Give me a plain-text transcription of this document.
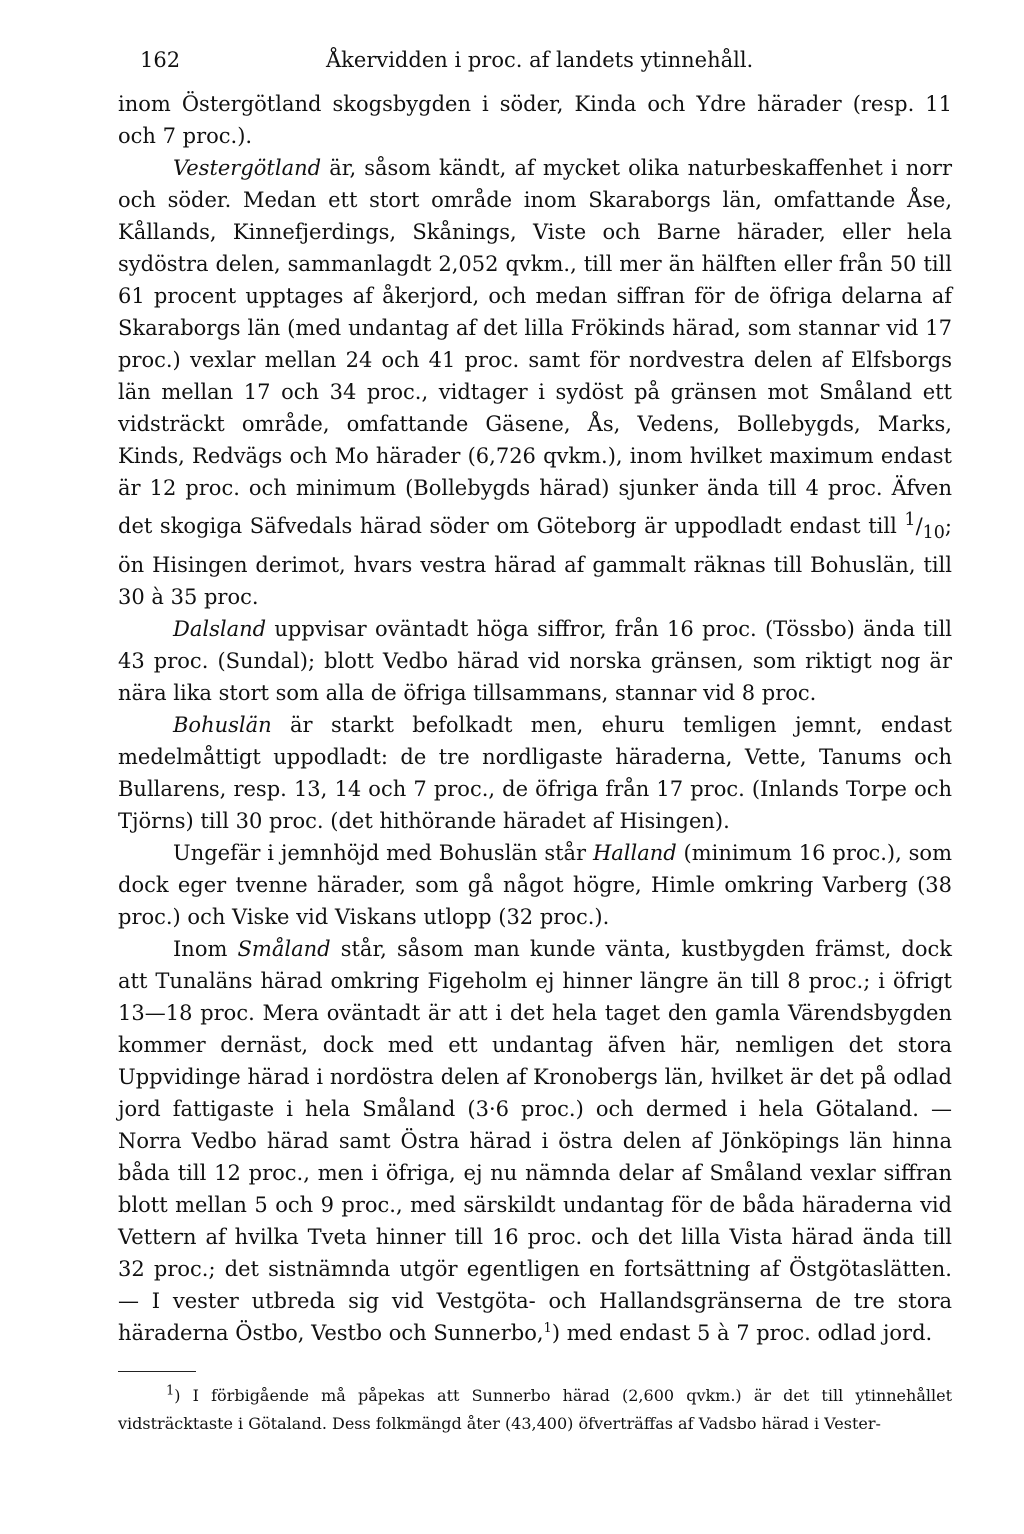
162	Åkervidden i proc. af landets ytinnehåll.

inom Östergötland skogsbygden i söder, Kinda och Ydre härader (resp. 11 och 7 proc.).

Vestergötland är, såsom kändt, af mycket olika naturbeskaffenhet i norr och söder. Medan ett stort område inom Skaraborgs län, omfattande Åse, Kållands, Kinnefjerdings, Skånings, Viste och Barne härader, eller hela sydöstra delen, sammanlagdt 2,052 qvkm., till mer än hälften eller från 50 till 61 procent upptages af åkerjord, och medan siffran för de öfriga delarna af Skaraborgs län (med undantag af det lilla Frökinds härad, som stannar vid 17 proc.) vexlar mellan 24 och 41 proc. samt för nordvestra delen af Elfsborgs län mellan 17 och 34 proc., vidtager i sydöst på gränsen mot Småland ett vidsträckt område, omfattande Gäsene, Ås, Vedens, Bollebygds, Marks, Kinds, Redvägs och Mo härader (6,726 qvkm.), inom hvilket maximum endast är 12 proc. och minimum (Bollebygds härad) sjunker ända till 4 proc. Äfven det skogiga Säfvedals härad söder om Göteborg är uppodladt endast till $^1/_{10}$; ön Hisingen derimot, hvars vestra härad af gammalt räknas till Bohuslän, till 30 à 35 proc.

Dalsland uppvisar oväntadt höga siffror, från 16 proc. (Tössbo) ända till 43 proc. (Sundal); blott Vedbo härad vid norska gränsen, som riktigt nog är nära lika stort som alla de öfriga tillsammans, stannar vid 8 proc.

Bohuslän är starkt befolkadt men, ehuru temligen jemnt, endast medelmåttigt uppodladt: de tre nordligaste häraderna, Vette, Tanums och Bullarens, resp. 13, 14 och 7 proc., de öfriga från 17 proc. (Inlands Torpe och Tjörns) till 30 proc. (det hithörande häradet af Hisingen).

Ungefär i jemnhöjd med Bohuslän står Halland (minimum 16 proc.), som dock eger tvenne härader, som gå något högre, Himle omkring Varberg (38 proc.) och Viske vid Viskans utlopp (32 proc.).

Inom Småland står, såsom man kunde vänta, kustbygden främst, dock att Tunaläns härad omkring Figeholm ej hinner längre än till 8 proc.; i öfrigt 13—18 proc. Mera oväntadt är att i det hela taget den gamla Värendsbygden kommer dernäst, dock med ett undantag äfven här, nemligen det stora Uppvidinge härad i nordöstra delen af Kronobergs län, hvilket är det på odlad jord fattigaste i hela Småland (3·6 proc.) och dermed i hela Götaland. — Norra Vedbo härad samt Östra härad i östra delen af Jönköpings län hinna båda till 12 proc., men i öfriga, ej nu nämnda delar af Småland vexlar siffran blott mellan 5 och 9 proc., med särskildt undantag för de båda häraderna vid Vettern af hvilka Tveta hinner till 16 proc. och det lilla Vista härad ända till 32 proc.; det sistnämnda utgör egentligen en fortsättning af Östgötaslätten. — I vester utbreda sig vid Vestgöta- och Hallandsgränserna de tre stora häraderna Östbo, Vestbo och Sunnerbo,$^1$) med endast 5 à 7 proc. odlad jord.

$^1$) I förbigående må påpekas att Sunnerbo härad (2,600 qvkm.) är det till ytinnehållet vidsträcktaste i Götaland. Dess folkmängd åter (43,400) öfverträffas af Vadsbo härad i Vester-
